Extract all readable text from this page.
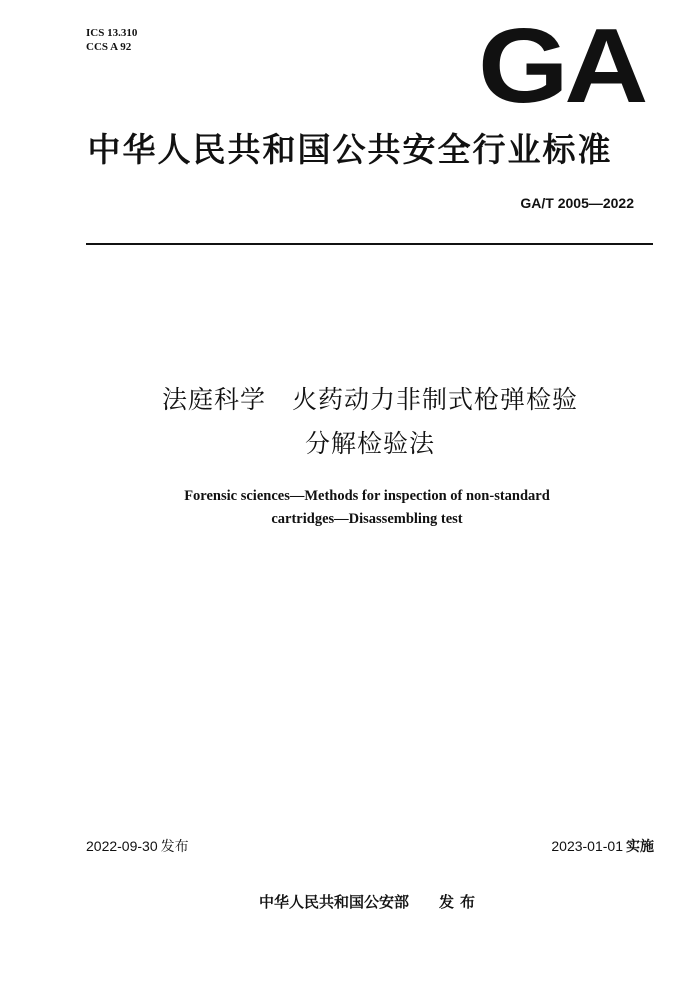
ICS 13.310
CCS A 92	GA
中华人民共和国公共安全行业标准
GA/T 2005—2022
法庭科学　火药动力非制式枪弹检验
分解检验法
Forensic sciences—Methods for inspection of non-standard
cartridges—Disassembling test
2022-09-30 发布	2023-01-01 实施
中华人民共和国公安部 发布
